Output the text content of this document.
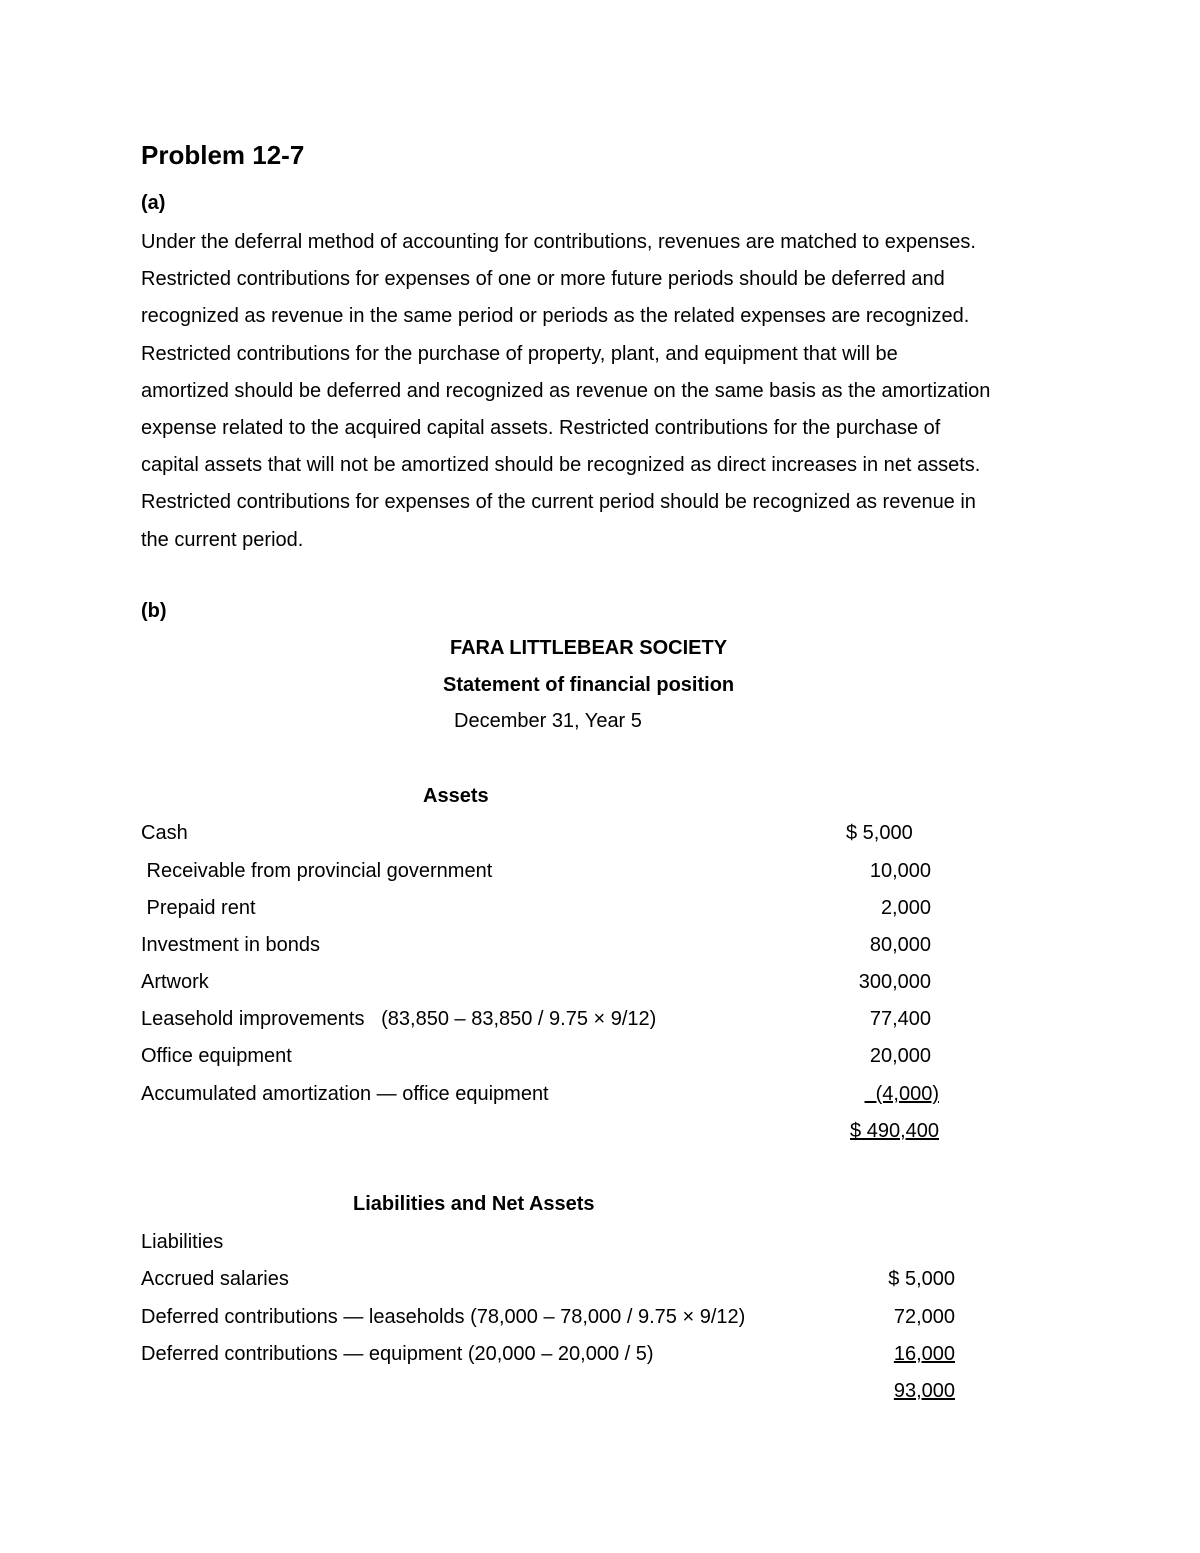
Problem 12-7
(a)
Under the deferral method of accounting for contributions, revenues are matched to expenses.
Restricted contributions for expenses of one or more future periods should be deferred and
recognized as revenue in the same period or periods as the related expenses are recognized.
Restricted contributions for the purchase of property, plant, and equipment that will be
amortized should be deferred and recognized as revenue on the same basis as the amortization
expense related to the acquired capital assets. Restricted contributions for the purchase of
capital assets that will not be amortized should be recognized as direct increases in net assets.
Restricted contributions for expenses of the current period should be recognized as revenue in
the current period.
(b)
FARA LITTLEBEAR SOCIETY
Statement of financial position
December 31, Year 5
Assets
Cash	$ 5,000
Receivable from provincial government	10,000
Prepaid rent	2,000
Investment in bonds	80,000
Artwork	300,000
Leasehold improvements   (83,850 – 83,850 / 9.75 × 9/12)	77,400
Office equipment	20,000
Accumulated amortization — office equipment	(4,000)
$ 490,400
Liabilities and Net Assets
Liabilities
Accrued salaries	$ 5,000
Deferred contributions — leaseholds (78,000 – 78,000 / 9.75 × 9/12)	72,000
Deferred contributions — equipment (20,000 – 20,000 / 5)	16,000
93,000
